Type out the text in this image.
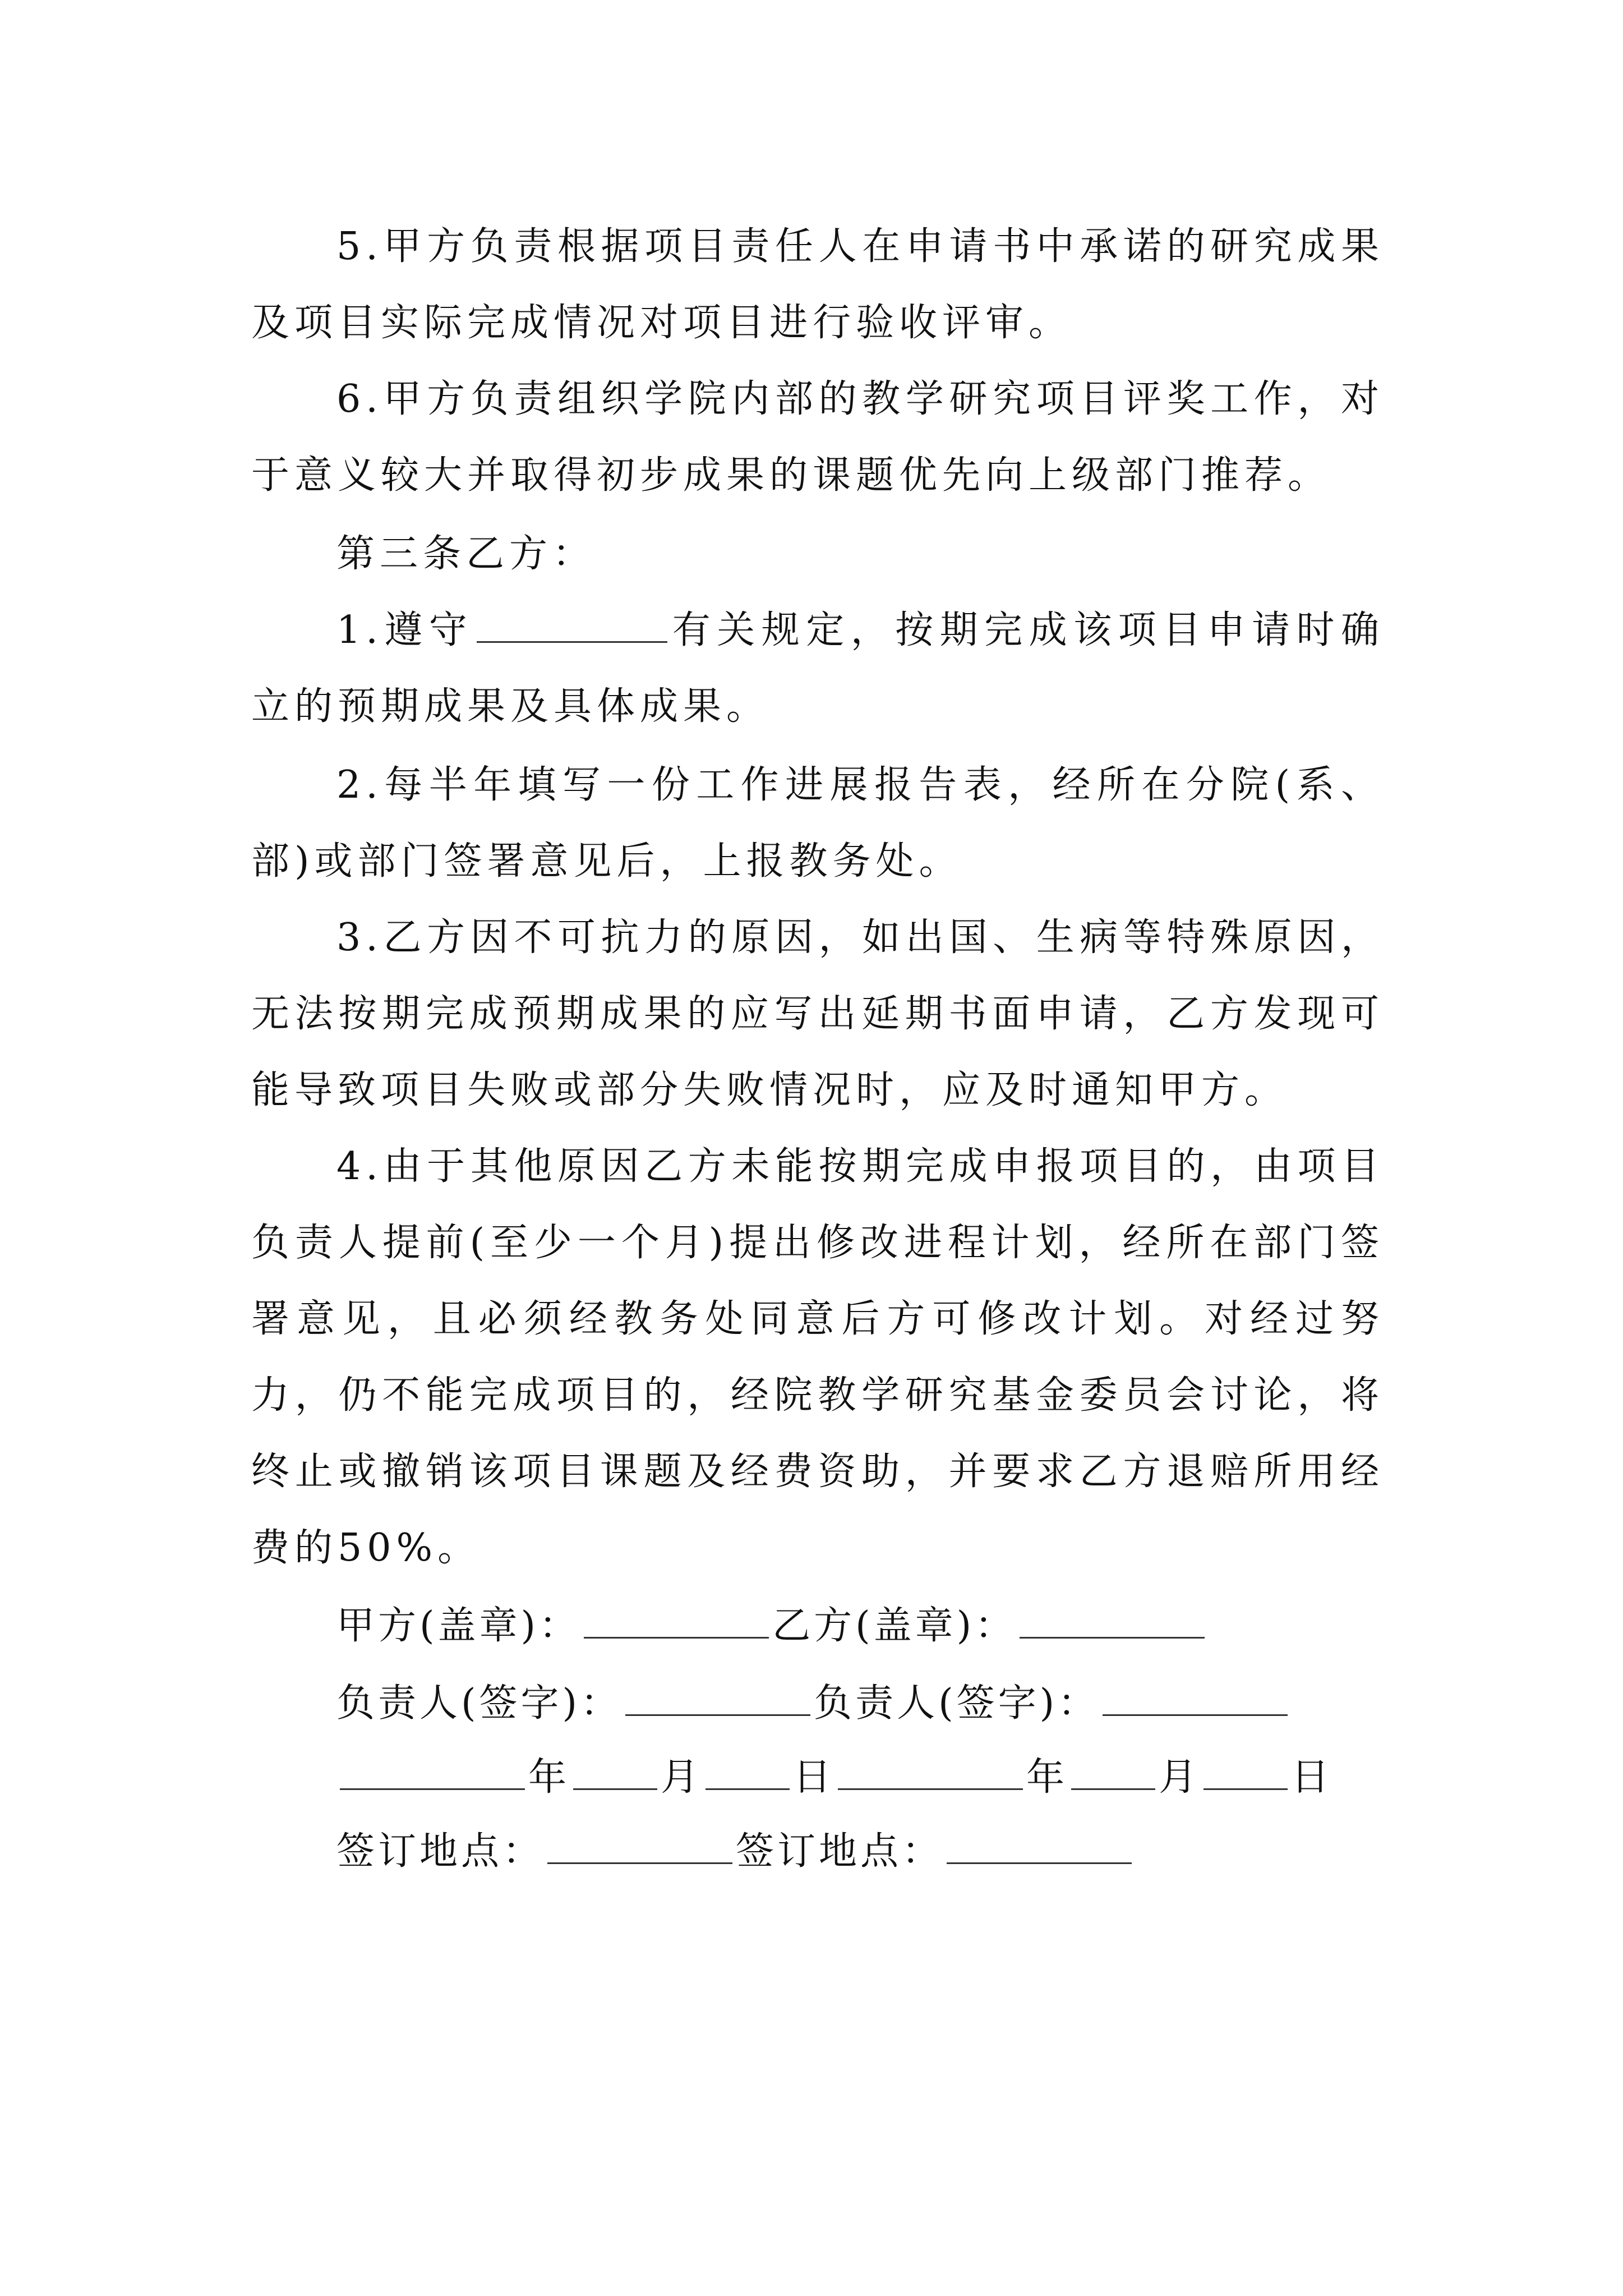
5.甲方负责根据项目责任人在申请书中承诺的研究成果及项目实际完成情况对项目进行验收评审。

6.甲方负责组织学院内部的教学研究项目评奖工作，对于意义较大并取得初步成果的课题优先向上级部门推荐。

第三条乙方：

1.遵守	有关规定，按期完成该项目申请时确立的预期成果及具体成果。

2.每半年填写一份工作进展报告表，经所在分院(系、部)或部门签署意见后，上报教务处。

3.乙方因不可抗力的原因，如出国、生病等特殊原因，无法按期完成预期成果的应写出延期书面申请，乙方发现可能导致项目失败或部分失败情况时，应及时通知甲方。

4.由于其他原因乙方未能按期完成申报项目的，由项目负责人提前(至少一个月)提出修改进程计划，经所在部门签署意见，且必须经教务处同意后方可修改计划。对经过努力，仍不能完成项目的，经院教学研究基金委员会讨论，将终止或撤销该项目课题及经费资助，并要求乙方退赔所用经费的50%。

甲方(盖章)：	乙方(盖章)：
负责人(签字)：	负责人(签字)：
年 月 日	年 月 日
签订地点：	签订地点：
